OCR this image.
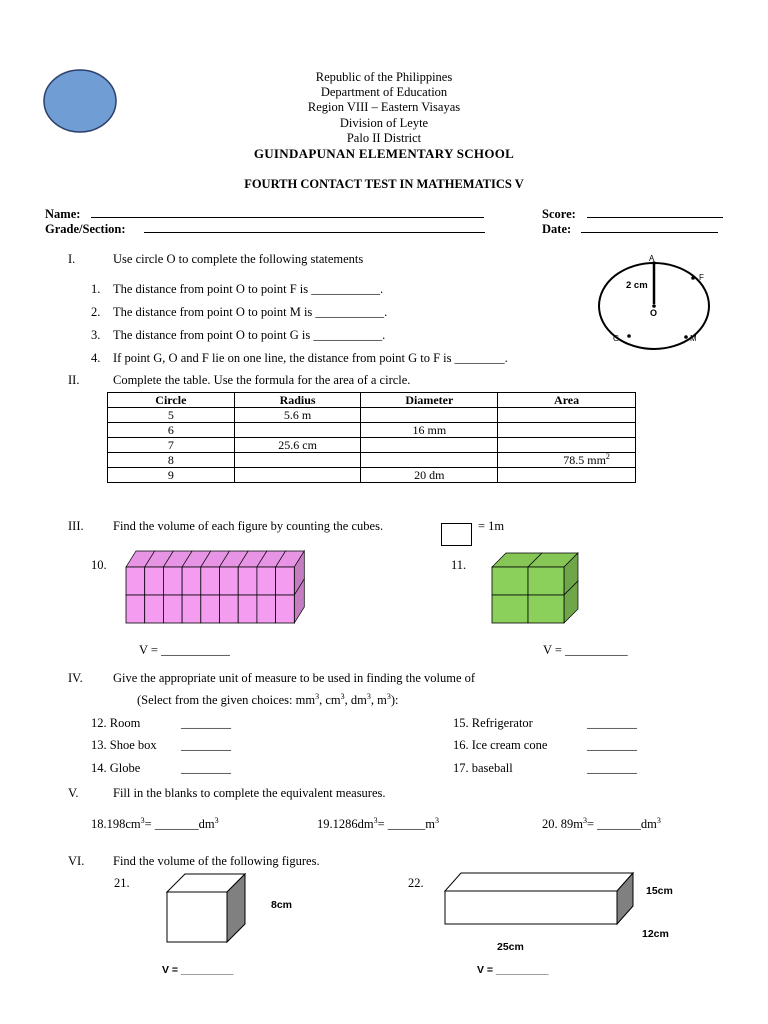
Republic of the Philippines
Department of Education
Region VIII – Eastern Visayas
Division of Leyte
Palo II District
GUINDAPUNAN ELEMENTARY SCHOOL
FOURTH CONTACT TEST IN MATHEMATICS V
Name:
Grade/Section:
Score:
Date:
I.	Use circle O to complete the following statements
1. The distance from point O to point F is ___________.
2. The distance from point O to point M is ___________.
3. The distance from point O to point G is ___________.
4. If point G, O and F lie on one line, the distance from point G to F is ________.
A
F
2 cm
O
G	M
II.	Complete the table. Use the formula for the area of a circle.
Circle	Radius	Diameter	Area
5	5.6 m		
6		16 mm	
7	25.6 cm		
8			78.5 $mm^2$
9		20 dm	
III. Find the volume of each figure by counting the cubes.	= 1m
10.	11.
V = ___________	V = __________
IV. Give the appropriate unit of measure to be used in finding the volume of
(Select from the given choices: $mm^3$, $cm^3$, $dm^3$, $m^3$):
12. Room	________
13. Shoe box ________
14. Globe	________
15. Refrigerator	________
16. Ice cream cone	________
17. baseball	________
V.	Fill in the blanks to complete the equivalent measures.
$18.198cm^3=$ $\_\_\_\_\_\_\_dm^3$	$19.1286dm^3=$ $\_\_\_\_\_\_m^3$	20. $89m^3=$ $\_\_\_\_\_\_\_dm^3$
VI. Find the volume of the following figures.
21.	22.
8cm
15cm
12cm
25cm
V = _________	V = _________
